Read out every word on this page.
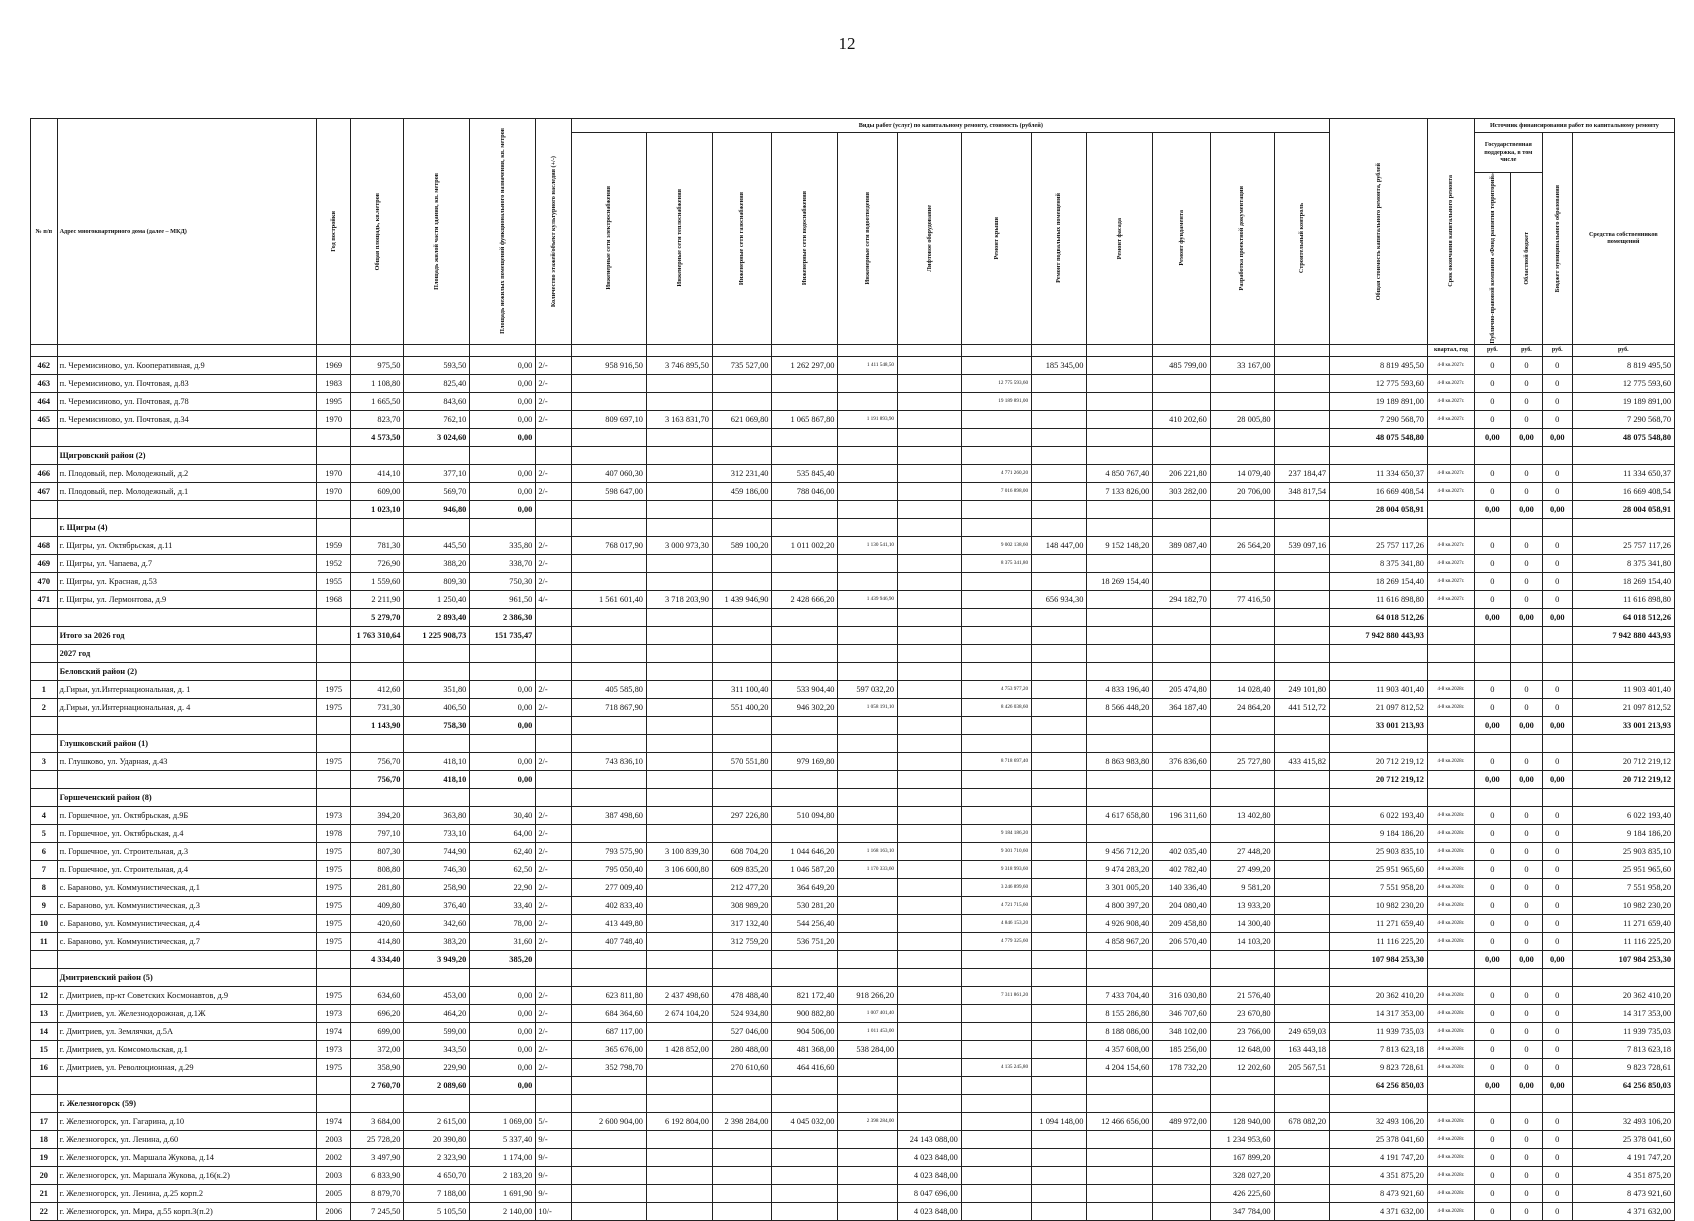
12
№ п/п	Адрес многоквартирного дома (далее – МКД)	Год постройки	Общая площадь, кв.метров	Площадь жилой части здания, кв. метров	Площадь нежилых помещений функционального назначения, кв. метров	Количество этажей/объект культурного наследия (+/-)	Виды работ (услуг) по капитальному ремонту, стоимость (рублей)												Общая стоимость капитального ремонта, рублей	Срок окончания капитального ремонта	Источник финансирования работ по капитальному ремонту			

							Инженерные сети электроснабжения	Инженерные сети теплоснабжения	Инженерные сети газоснабжения	Инженерные сети водоснабжения	Инженерные сети водоотведения	Лифтовое оборудование	Ремонт крыши	Ремонт подвальных помещений	Ремонт фасада	Ремонт фундамента	Разработка проектной документации	Строительный контроль			Государственная поддержка, в том числе		Бюджет муниципального образования	Средства собственников помещений

																					Публично-правовой компании «Фонд развития территорий»	Областной бюджет		

																				квартал, год	руб.	руб.	руб.	руб.
462	п. Черемисиново, ул. Кооперативная, д.9	1969	975,50	593,50	0,00	2/-	958 916,50	3 746 895,50	735 527,00	1 262 297,00	1 411 548,50			185 345,00		485 799,00	33 167,00		8 819 495,50	4-й кв.2027г.	0	0	0	8 819 495,50
463	п. Черемисиново, ул. Почтовая, д.83	1983	1 108,80	825,40	0,00	2/-							12 775 593,60						12 775 593,60	4-й кв.2027г.	0	0	0	12 775 593,60
464	п. Черемисиново, ул. Почтовая, д.78	1995	1 665,50	843,60	0,00	2/-							19 189 891,00						19 189 891,00	4-й кв.2027г.	0	0	0	19 189 891,00
465	п. Черемисиново, ул. Почтовая, д.34	1970	823,70	762,10	0,00	2/-	809 697,10	3 163 831,70	621 069,80	1 065 867,80	1 191 893,90					410 202,60	28 005,80		7 290 568,70	4-й кв.2027г.	0	0	0	7 290 568,70
			4 573,50	3 024,60	0,00														48 075 548,80		0,00	0,00	0,00	48 075 548,80
	Щигровский район (2)																							
466	п. Плодовый, пер. Молодежный, д.2	1970	414,10	377,10	0,00	2/-	407 060,30		312 231,40	535 845,40			4 771 260,20		4 850 767,40	206 221,80	14 079,40	237 184,47	11 334 650,37	4-й кв.2027г.	0	0	0	11 334 650,37
467	п. Плодовый, пер. Молодежный, д.1	1970	609,00	569,70	0,00	2/-	598 647,00		459 186,00	788 046,00			7 016 898,00		7 133 826,00	303 282,00	20 706,00	348 817,54	16 669 408,54	4-й кв.2027г.	0	0	0	16 669 408,54
			1 023,10	946,80	0,00														28 004 058,91		0,00	0,00	0,00	28 004 058,91
	г. Щигры (4)																							
468	г. Щигры, ул. Октябрьская, д.11	1959	781,30	445,50	335,80	2/-	768 017,90	3 000 973,30	589 100,20	1 011 002,20	1 130 541,10		9 002 138,60	148 447,00	9 152 148,20	389 087,40	26 564,20	539 097,16	25 757 117,26	4-й кв.2027г.	0	0	0	25 757 117,26
469	г. Щигры, ул. Чапаева, д.7	1952	726,90	388,20	338,70	2/-							8 375 341,80						8 375 341,80	4-й кв.2027г.	0	0	0	8 375 341,80
470	г. Щигры, ул. Красная, д.53	1955	1 559,60	809,30	750,30	2/-									18 269 154,40				18 269 154,40	4-й кв.2027г.	0	0	0	18 269 154,40
471	г. Щигры, ул. Лермонтова, д.9	1968	2 211,90	1 250,40	961,50	4/-	1 561 601,40	3 718 203,90	1 439 946,90	2 428 666,20	1 439 946,90			656 934,30		294 182,70	77 416,50		11 616 898,80	4-й кв.2027г.	0	0	0	11 616 898,80
			5 279,70	2 893,40	2 386,30														64 018 512,26		0,00	0,00	0,00	64 018 512,26
	Итого за 2026 год		1 763 310,64	1 225 908,73	151 735,47														7 942 880 443,93					7 942 880 443,93
	2027 год																							
	Беловский район (2)																							
1	д.Гирьи, ул.Интернациональная, д. 1	1975	412,60	351,80	0,00	2/-	405 585,80		311 100,40	533 904,40	597 032,20		4 753 977,20		4 833 196,40	205 474,80	14 028,40	249 101,80	11 903 401,40	4-й кв.2028г.	0	0	0	11 903 401,40
2	д.Гирьи, ул.Интернациональная, д. 4	1975	731,30	406,50	0,00	2/-	718 867,90		551 400,20	946 302,20	1 058 191,10		8 426 038,60		8 566 448,20	364 187,40	24 864,20	441 512,72	21 097 812,52	4-й кв.2028г.	0	0	0	21 097 812,52
			1 143,90	758,30	0,00														33 001 213,93		0,00	0,00	0,00	33 001 213,93
	Глушковский район (1)																							
3	п. Глушково, ул. Ударная, д.43	1975	756,70	418,10	0,00	2/-	743 836,10		570 551,80	979 169,80			8 718 697,40		8 863 983,80	376 836,60	25 727,80	433 415,82	20 712 219,12	4-й кв.2028г.	0	0	0	20 712 219,12
			756,70	418,10	0,00														20 712 219,12		0,00	0,00	0,00	20 712 219,12
	Горшеченский район (8)																							
4	п. Горшечное, ул. Октябрьская, д.9Б	1973	394,20	363,80	30,40	2/-	387 498,60		297 226,80	510 094,80					4 617 658,80	196 311,60	13 402,80		6 022 193,40	4-й кв.2028г.	0	0	0	6 022 193,40
5	п. Горшечное, ул. Октябрьская, д.4	1978	797,10	733,10	64,00	2/-							9 184 186,20						9 184 186,20	4-й кв.2028г.	0	0	0	9 184 186,20
6	п. Горшечное, ул. Строительная, д.3	1975	807,30	744,90	62,40	2/-	793 575,90	3 100 839,30	608 704,20	1 044 646,20	1 168 163,10		9 301 710,60		9 456 712,20	402 035,40	27 448,20		25 903 835,10	4-й кв.2028г.	0	0	0	25 903 835,10
7	п. Горшечное, ул. Строительная, д.4	1975	808,80	746,30	62,50	2/-	795 050,40	3 106 600,80	609 835,20	1 046 587,20	1 170 333,60		9 318 993,60		9 474 283,20	402 782,40	27 499,20		25 951 965,60	4-й кв.2028г.	0	0	0	25 951 965,60
8	с. Бараново, ул. Коммунистическая, д.1	1975	281,80	258,90	22,90	2/-	277 009,40		212 477,20	364 649,20			3 246 899,60		3 301 005,20	140 336,40	9 581,20		7 551 958,20	4-й кв.2028г.	0	0	0	7 551 958,20
9	с. Бараново, ул. Коммунистическая, д.3	1975	409,80	376,40	33,40	2/-	402 833,40		308 989,20	530 281,20			4 721 715,60		4 800 397,20	204 080,40	13 933,20		10 982 230,20	4-й кв.2028г.	0	0	0	10 982 230,20
10	с. Бараново, ул. Коммунистическая, д.4	1975	420,60	342,60	78,00	2/-	413 449,80		317 132,40	544 256,40			4 846 153,20		4 926 908,40	209 458,80	14 300,40		11 271 659,40	4-й кв.2028г.	0	0	0	11 271 659,40
11	с. Бараново, ул. Коммунистическая, д.7	1975	414,80	383,20	31,60	2/-	407 748,40		312 759,20	536 751,20			4 779 325,60		4 858 967,20	206 570,40	14 103,20		11 116 225,20	4-й кв.2028г.	0	0	0	11 116 225,20
			4 334,40	3 949,20	385,20														107 984 253,30		0,00	0,00	0,00	107 984 253,30
	Дмитриевский район (5)																							
12	г. Дмитриев, пр-кт Советских Космонавтов, д.9	1975	634,60	453,00	0,00	2/-	623 811,80	2 437 498,60	478 488,40	821 172,40	918 266,20		7 311 861,20		7 433 704,40	316 030,80	21 576,40		20 362 410,20	4-й кв.2028г.	0	0	0	20 362 410,20
13	г. Дмитриев, ул. Железнодорожная, д.1Ж	1973	696,20	464,20	0,00	2/-	684 364,60	2 674 104,20	524 934,80	900 882,80	1 007 401,40				8 155 286,80	346 707,60	23 670,80		14 317 353,00	4-й кв.2028г.	0	0	0	14 317 353,00
14	г. Дмитриев, ул. Землячки, д.5А	1974	699,00	599,00	0,00	2/-	687 117,00		527 046,00	904 506,00	1 011 453,00				8 188 086,00	348 102,00	23 766,00	249 659,03	11 939 735,03	4-й кв.2028г.	0	0	0	11 939 735,03
15	г. Дмитриев, ул. Комсомольская, д.1	1973	372,00	343,50	0,00	2/-	365 676,00	1 428 852,00	280 488,00	481 368,00	538 284,00				4 357 608,00	185 256,00	12 648,00	163 443,18	7 813 623,18	4-й кв.2028г.	0	0	0	7 813 623,18
16	г. Дмитриев, ул. Революционная, д.29	1975	358,90	229,90	0,00	2/-	352 798,70		270 610,60	464 416,60			4 135 245,80		4 204 154,60	178 732,20	12 202,60	205 567,51	9 823 728,61	4-й кв.2028г.	0	0	0	9 823 728,61
			2 760,70	2 089,60	0,00														64 256 850,03		0,00	0,00	0,00	64 256 850,03
	г. Железногорск (59)																							
17	г. Железногорск, ул. Гагарина, д.10	1974	3 684,00	2 615,00	1 069,00	5/-	2 600 904,00	6 192 804,00	2 398 284,00	4 045 032,00	2 398 284,00			1 094 148,00	12 466 656,00	489 972,00	128 940,00	678 082,20	32 493 106,20	4-й кв.2028г.	0	0	0	32 493 106,20
18	г. Железногорск, ул. Ленина, д.60	2003	25 728,20	20 390,80	5 337,40	9/-						24 143 088,00					1 234 953,60		25 378 041,60	4-й кв.2028г.	0	0	0	25 378 041,60
19	г. Железногорск, ул. Маршала Жукова, д.14	2002	3 497,90	2 323,90	1 174,00	9/-						4 023 848,00					167 899,20		4 191 747,20	4-й кв.2028г.	0	0	0	4 191 747,20
20	г. Железногорск, ул. Маршала Жукова, д.16(к.2)	2003	6 833,90	4 650,70	2 183,20	9/-						4 023 848,00					328 027,20		4 351 875,20	4-й кв.2028г.	0	0	0	4 351 875,20
21	г. Железногорск, ул. Ленина, д.25 корп.2	2005	8 879,70	7 188,00	1 691,90	9/-						8 047 696,00					426 225,60		8 473 921,60	4-й кв.2028г.	0	0	0	8 473 921,60
22	г. Железногорск, ул. Мира, д.55 корп.3(п.2)	2006	7 245,50	5 105,50	2 140,00	10/-						4 023 848,00					347 784,00		4 371 632,00	4-й кв.2028г.	0	0	0	4 371 632,00
